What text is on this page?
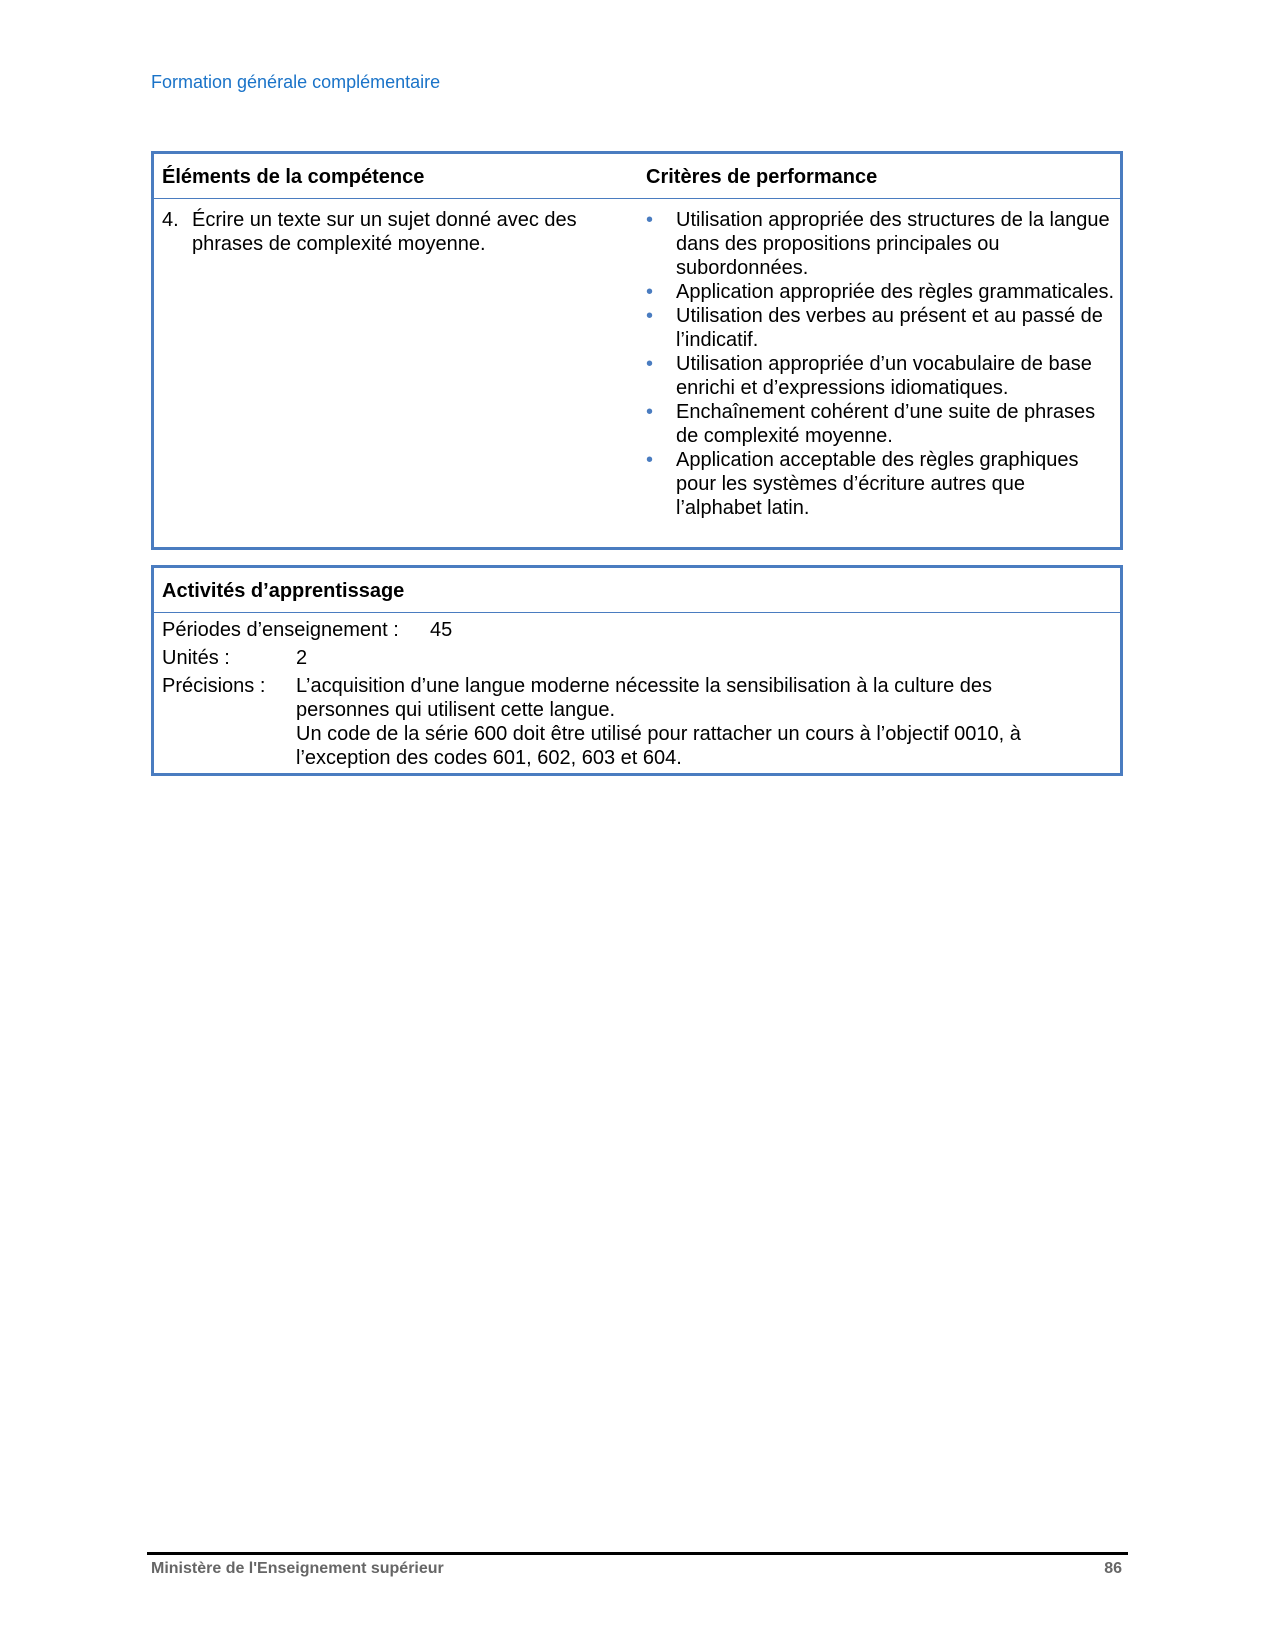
Formation générale complémentaire
Éléments de la compétence	Critères de performance
4. Écrire un texte sur un sujet donné avec des phrases de complexité moyenne.
• Utilisation appropriée des structures de la langue dans des propositions principales ou subordonnées.
• Application appropriée des règles grammaticales.
• Utilisation des verbes au présent et au passé de l’indicatif.
• Utilisation appropriée d’un vocabulaire de base enrichi et d’expressions idiomatiques.
• Enchaînement cohérent d’une suite de phrases de complexité moyenne.
• Application acceptable des règles graphiques pour les systèmes d’écriture autres que l’alphabet latin.
Activités d’apprentissage
Périodes d’enseignement : 45
Unités :	2
Précisions : L’acquisition d’une langue moderne nécessite la sensibilisation à la culture des personnes qui utilisent cette langue.
Un code de la série 600 doit être utilisé pour rattacher un cours à l’objectif 0010, à l’exception des codes 601, 602, 603 et 604.
Ministère de l'Enseignement supérieur	86
